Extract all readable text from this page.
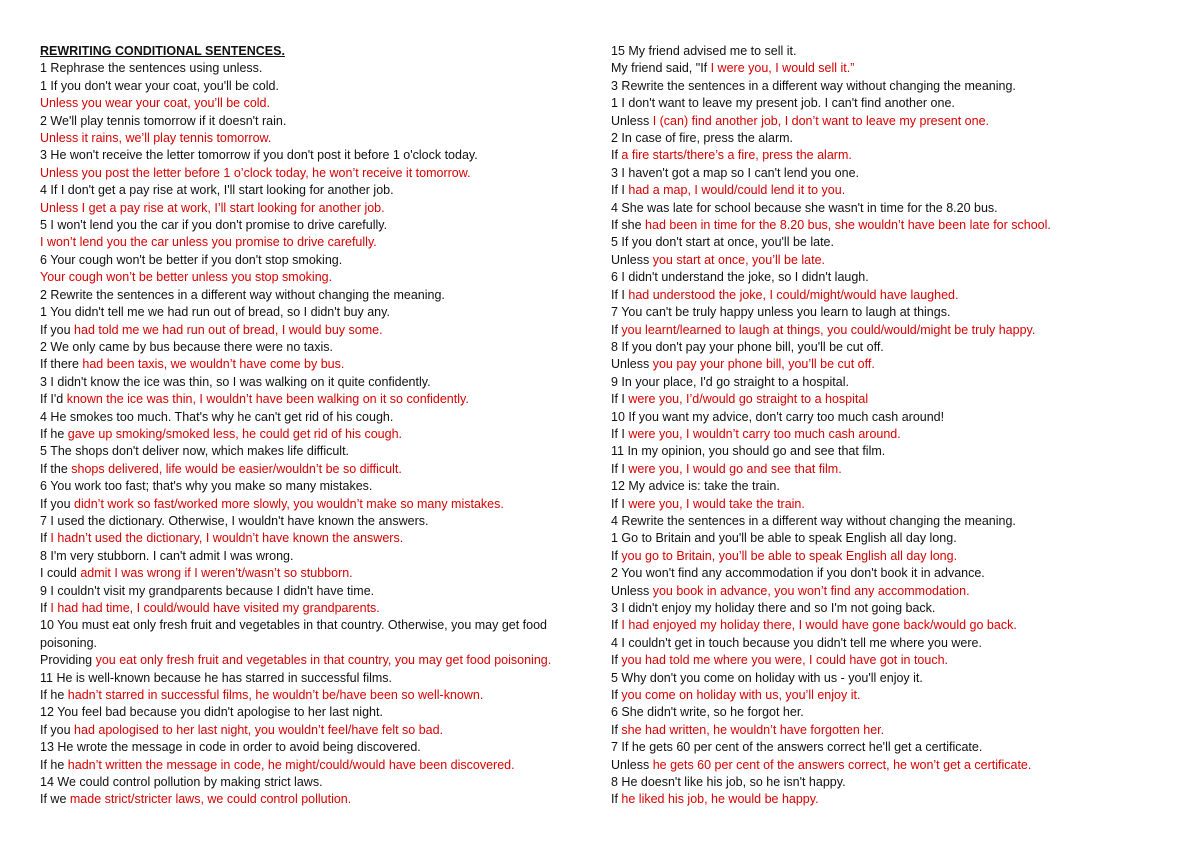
REWRITING CONDITIONAL SENTENCES.
1 Rephrase the sentences using unless.
1 If you don't wear your coat, you'll be cold.
Unless you wear your coat, you’ll be cold.
2 We'll play tennis tomorrow if it doesn't rain.
Unless it rains, we’ll play tennis tomorrow.
3 He won't receive the letter tomorrow if you don't post it before 1 o'clock today.
Unless you post the letter before 1 o’clock today, he won’t receive it tomorrow.
4 If I don't get a pay rise at work, I'll start looking for another job.
Unless I get a pay rise at work, I’ll start looking for another job.
5 I won't lend you the car if you don't promise to drive carefully.
I won’t lend you the car unless you promise to drive carefully.
6 Your cough won't be better if you don't stop smoking.
Your cough won’t be better unless you stop smoking.
2 Rewrite the sentences in a different way without changing the meaning.
1 You didn't tell me we had run out of bread, so I didn't buy any.
If you had told me we had run out of bread, I would buy some.
2 We only came by bus because there were no taxis.
If there had been taxis, we wouldn’t have come by bus.
3 I didn't know the ice was thin, so I was walking on it quite confidently.
If I'd known the ice was thin, I wouldn’t have been walking on it so confidently.
4 He smokes too much. That's why he can't get rid of his cough.
If he gave up smoking/smoked less, he could get rid of his cough.
5 The shops don't deliver now, which makes life difficult.
If the shops delivered, life would be easier/wouldn’t be so difficult.
6 You work too fast; that's why you make so many mistakes.
If you didn’t work so fast/worked more slowly, you wouldn’t make so many mistakes.
7 I used the dictionary. Otherwise, I wouldn't have known the answers.
If I hadn’t used the dictionary, I wouldn’t have known the answers.
8 I'm very stubborn. I can't admit I was wrong.
I could admit I was wrong if I weren’t/wasn’t so stubborn.
9 I couldn't visit my grandparents because I didn't have time.
If I had had time, I could/would have visited my grandparents.
10 You must eat only fresh fruit and vegetables in that country. Otherwise, you may get food poisoning.
Providing you eat only fresh fruit and vegetables in that country, you may get food poisoning.
11 He is well-known because he has starred in successful films.
If he hadn’t starred in successful films, he wouldn’t be/have been so well-known.
12 You feel bad because you didn't apologise to her last night.
If you had apologised to her last night, you wouldn’t feel/have felt so bad.
13 He wrote the message in code in order to avoid being discovered.
If he hadn’t written the message in code, he might/could/would have been discovered.
14 We could control pollution by making strict laws.
If we made strict/stricter laws, we could control pollution.
15 My friend advised me to sell it.
My friend said, "If I were you, I would sell it.”
3 Rewrite the sentences in a different way without changing the meaning.
1 I don't want to leave my present job. I can't find another one.
Unless I (can) find another job, I don’t want to leave my present one.
2 In case of fire, press the alarm.
If a fire starts/there’s a fire, press the alarm.
3 I haven't got a map so I can't lend you one.
If I had a map, I would/could lend it to you.
4 She was late for school because she wasn't in time for the 8.20 bus.
If she had been in time for the 8.20 bus, she wouldn’t have been late for school.
5 If you don't start at once, you'll be late.
Unless you start at once, you’ll be late.
6 I didn't understand the joke, so I didn't laugh.
If I had understood the joke, I could/might/would have laughed.
7 You can't be truly happy unless you learn to laugh at things.
If you learnt/learned to laugh at things, you could/would/might be truly happy.
8 If you don't pay your phone bill, you'll be cut off.
Unless you pay your phone bill, you’ll be cut off.
9 In your place, I'd go straight to a hospital.
If I were you, I’d/would go straight to a hospital
10 If you want my advice, don't carry too much cash around!
If I were you, I wouldn’t carry too much cash around.
11 In my opinion, you should go and see that film.
If I were you, I would go and see that film.
12 My advice is: take the train.
If I were you, I would take the train.
4 Rewrite the sentences in a different way without changing the meaning.
1 Go to Britain and you'll be able to speak English all day long.
If you go to Britain, you’ll be able to speak English all day long.
2 You won't find any accommodation if you don't book it in advance.
Unless you book in advance, you won’t find any accommodation.
3 I didn't enjoy my holiday there and so I'm not going back.
If I had enjoyed my holiday there, I would have gone back/would go back.
4 I couldn't get in touch because you didn't tell me where you were.
If you had told me where you were, I could have got in touch.
5 Why don't you come on holiday with us - you'll enjoy it.
If you come on holiday with us, you’ll enjoy it.
6 She didn't write, so he forgot her.
If she had written, he wouldn’t have forgotten her.
7 If he gets 60 per cent of the answers correct he'll get a certificate.
Unless he gets 60 per cent of the answers correct, he won’t get a certificate.
8 He doesn't like his job, so he isn't happy.
If he liked his job, he would be happy.
